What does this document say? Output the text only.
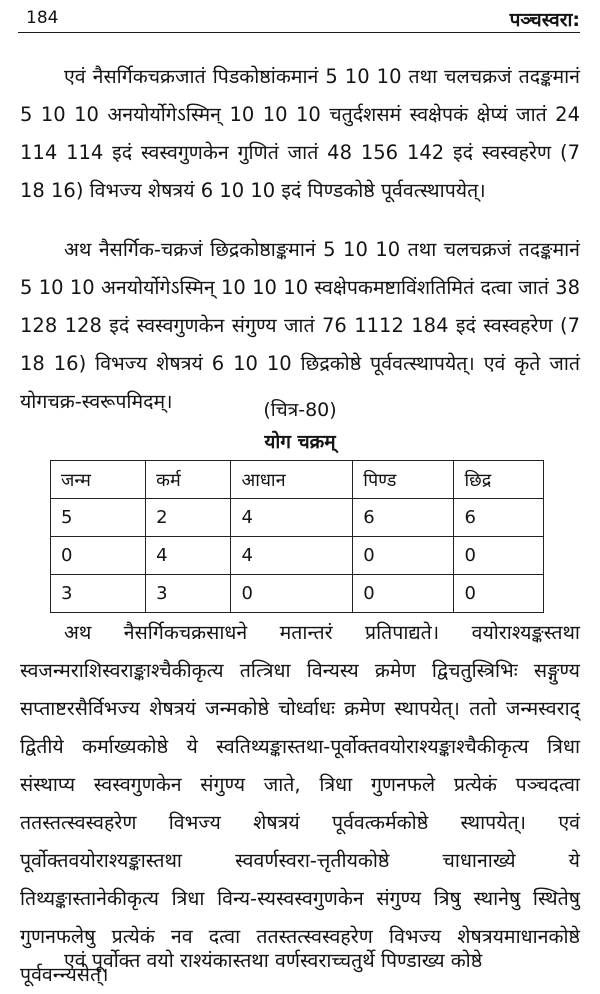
184	पञ्चस्वरा:

एवं नैसर्गिकचक्रजातं पिडकोष्ठांकमानं 5 10 10 तथा चलचक्रजं तदङ्कमानं 5 10 10 अनयोर्योगेऽस्मिन् 10 10 10 चतुर्दशसमं स्वक्षेपकं क्षेप्यं जातं 24 114 114 इदं स्वस्वगुणकेन गुणितं जातं 48 156 142 इदं स्वस्वहरेण (7 18 16) विभज्य शेषत्रयं 6 10 10 इदं पिण्डकोष्ठे पूर्ववत्स्थापयेत्।

अथ नैसर्गिक-चक्रजं छिद्रकोष्ठाङ्कमानं 5 10 10 तथा चलचक्रजं तदङ्कमानं 5 10 10 अनयोर्योगेऽस्मिन् 10 10 10 स्वक्षेपकमष्टाविंशतिमितं दत्वा जातं 38 128 128 इदं स्वस्वगुणकेन संगुण्य जातं 76 1112 184 इदं स्वस्वहरेण (7 18 16) विभज्य शेषत्रयं 6 10 10 छिद्रकोष्ठे पूर्ववत्स्थापयेत्। एवं कृते जातं योगचक्र-स्वरूपमिदम्।	(चित्र-80)
योग चक्रम्
जन्म	कर्म	आधान	पिण्ड	छिद्र
5	2	4	6	6
0	4	4	0	0
3	3	0	0	0

अथ नैसर्गिकचक्रसाधने मतान्तरं प्रतिपाद्यते। वयोराश्यङ्कस्तथा स्वजन्मराशिस्वराङ्काश्चैकीकृत्य तत्त्रिधा विन्यस्य क्रमेण द्विचतुस्त्रिभिः सङ्गुण्य सप्ताष्टरसैर्विभज्य शेषत्रयं जन्मकोष्ठे चोर्ध्वाधः क्रमेण स्थापयेत्। ततो जन्मस्वराद् द्वितीये कर्माख्यकोष्ठे ये स्वतिथ्यङ्कास्तथा-पूर्वोक्तवयोराश्यङ्काश्चैकीकृत्य त्रिधा संस्थाप्य स्वस्वगुणकेन संगुण्य जाते, त्रिधा गुणनफले प्रत्येकं पञ्चदत्वा ततस्तत्स्वस्वहरेण विभज्य शेषत्रयं पूर्ववत्कर्मकोष्ठे स्थापयेत्। एवं पूर्वोक्तवयोराश्यङ्कास्तथा स्ववर्णस्वरा-त्तृतीयकोष्ठे चाधानाख्ये ये तिथ्यङ्कास्तानेकीकृत्य त्रिधा विन्य-स्यस्वस्वगुणकेन संगुण्य त्रिषु स्थानेषु स्थितेषु गुणनफलेषु प्रत्येकं नव दत्वा ततस्तत्स्वस्वहरेण विभज्य शेषत्रयमाधानकोष्ठे पूर्ववन्न्यसेत्।

एवं पूर्वोक्त वयो राश्यंकास्तथा वर्णस्वराच्चतुर्थे पिण्डाख्य कोष्ठे
